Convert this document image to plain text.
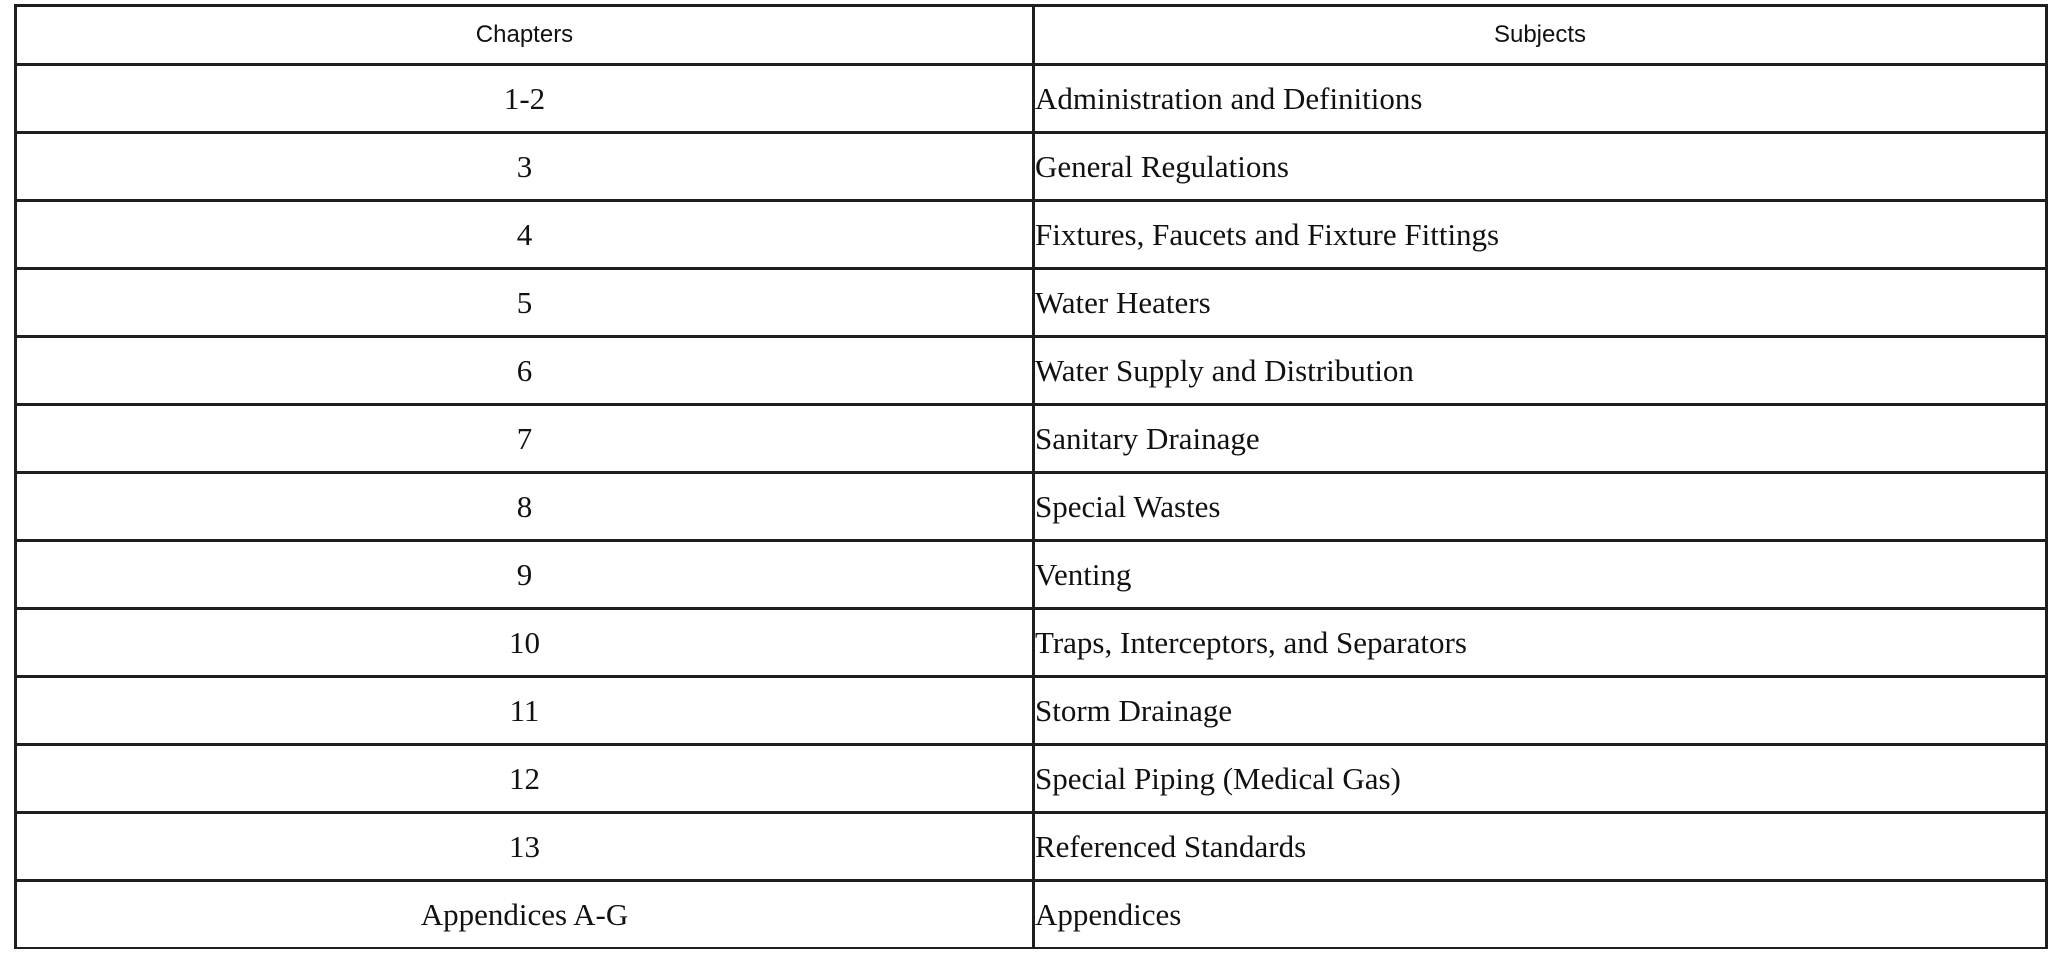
Chapters	Subjects
1-2	Administration and Definitions
3	General Regulations
4	Fixtures, Faucets and Fixture Fittings
5	Water Heaters
6	Water Supply and Distribution
7	Sanitary Drainage
8	Special Wastes
9	Venting
10	Traps, Interceptors, and Separators
11	Storm Drainage
12	Special Piping (Medical Gas)
13	Referenced Standards
Appendices A-G	Appendices
